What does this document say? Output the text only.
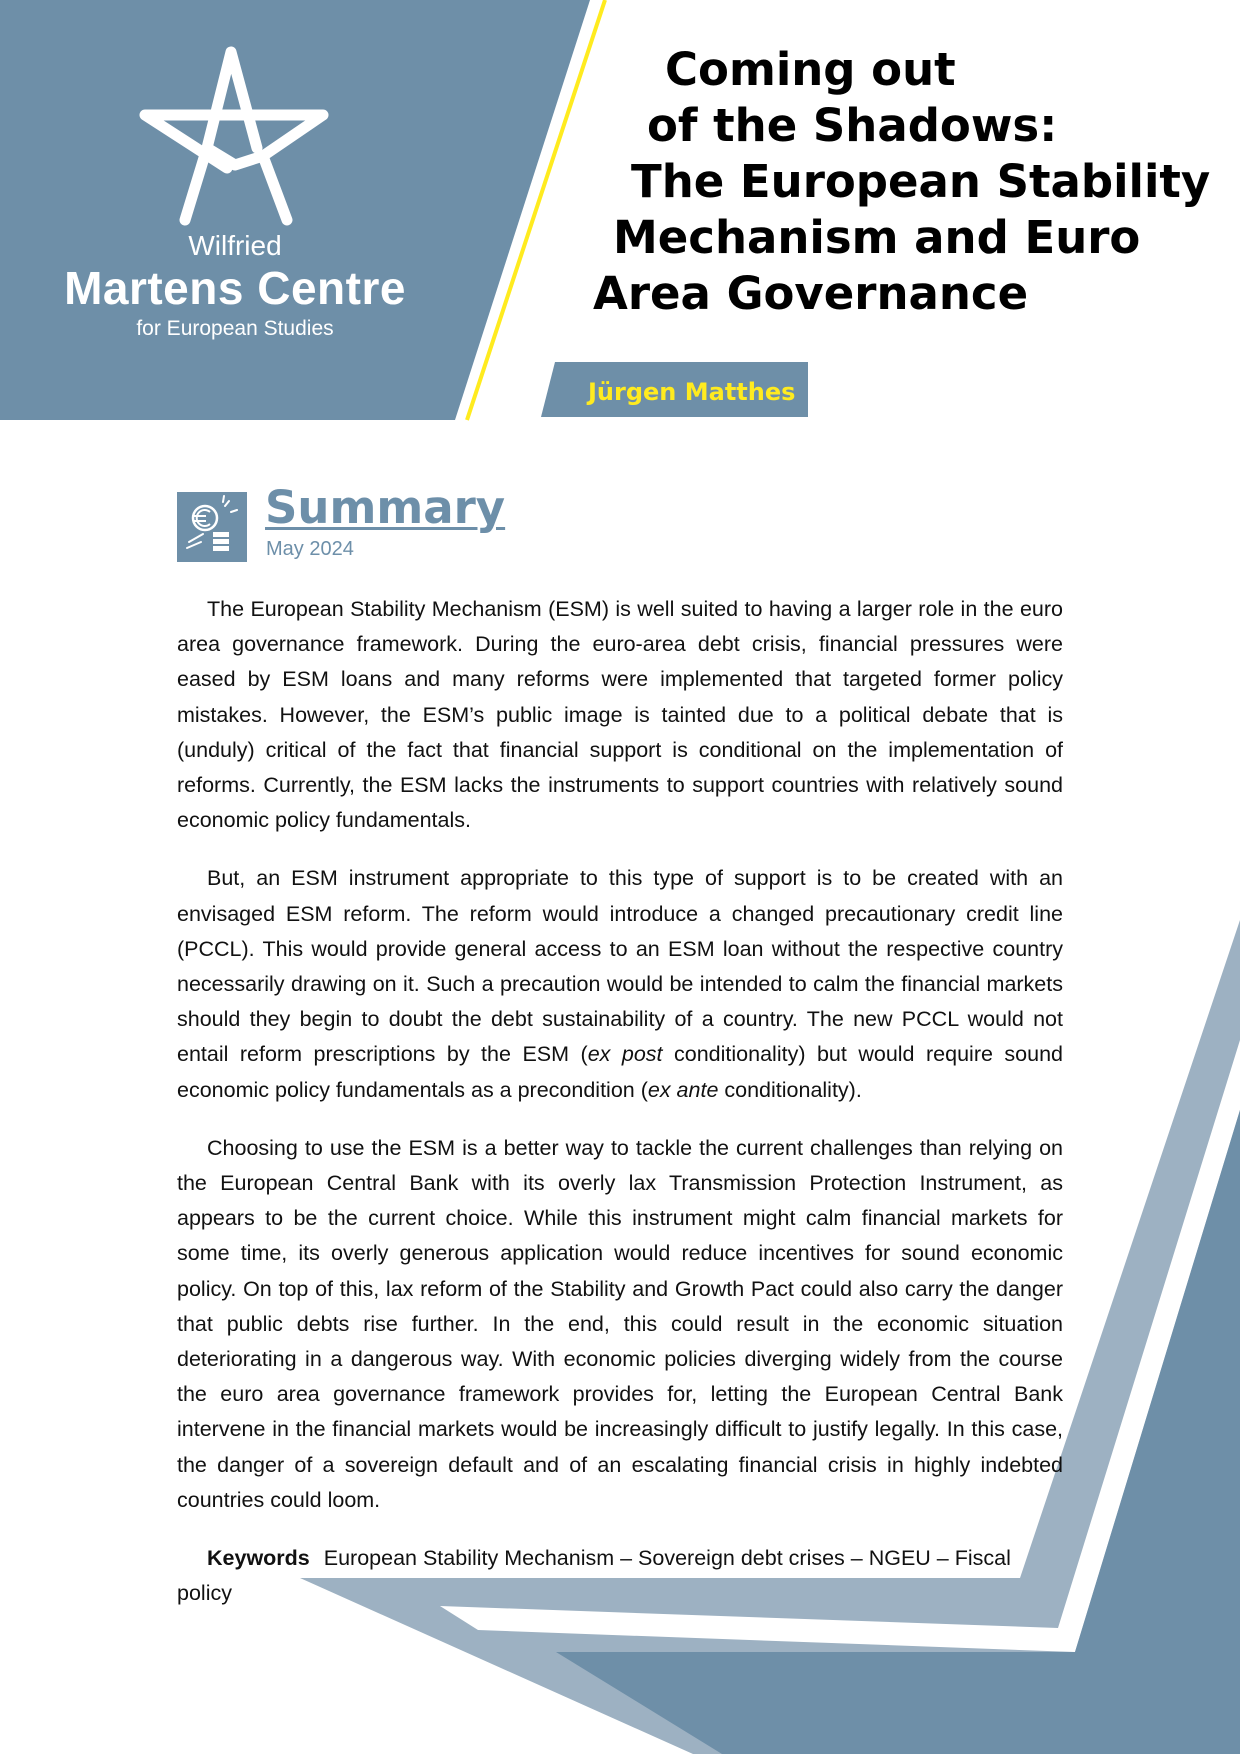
Wilfried
Martens Centre
for European Studies
Coming out
of the Shadows:
The European Stability
Mechanism and Euro
Area Governance
Jürgen Matthes
Summary
May 2024

The European Stability Mechanism (ESM) is well suited to having a larger role in the euro area governance framework. During the euro-area debt crisis, financial pressures were eased by ESM loans and many reforms were implemented that targeted former policy mistakes. However, the ESM’s public image is tainted due to a political debate that is (unduly) critical of the fact that financial support is conditional on the implementation of reforms. Currently, the ESM lacks the instruments to support countries with relatively sound economic policy fundamentals.

But, an ESM instrument appropriate to this type of support is to be created with an envisaged ESM reform. The reform would introduce a changed precautionary credit line (PCCL). This would provide general access to an ESM loan without the respective country necessarily drawing on it. Such a precaution would be intended to calm the financial markets should they begin to doubt the debt sustainability of a country. The new PCCL would not entail reform prescriptions by the ESM (ex post conditionality) but would require sound economic policy fundamentals as a precondition (ex ante conditionality).

Choosing to use the ESM is a better way to tackle the current challenges than relying on the European Central Bank with its overly lax Transmission Protection Instrument, as appears to be the current choice. While this instrument might calm financial markets for some time, its overly generous application would reduce incentives for sound economic policy. On top of this, lax reform of the Stability and Growth Pact could also carry the danger that public debts rise further. In the end, this could result in the economic situation deteriorating in a dangerous way. With economic policies diverging widely from the course the euro area governance framework provides for, letting the European Central Bank intervene in the financial markets would be increasingly difficult to justify legally. In this case, the danger of a sovereign default and of an escalating financial crisis in highly indebted countries could loom.

Keywords European Stability Mechanism – Sovereign debt crises – NGEU – Fiscal policy
